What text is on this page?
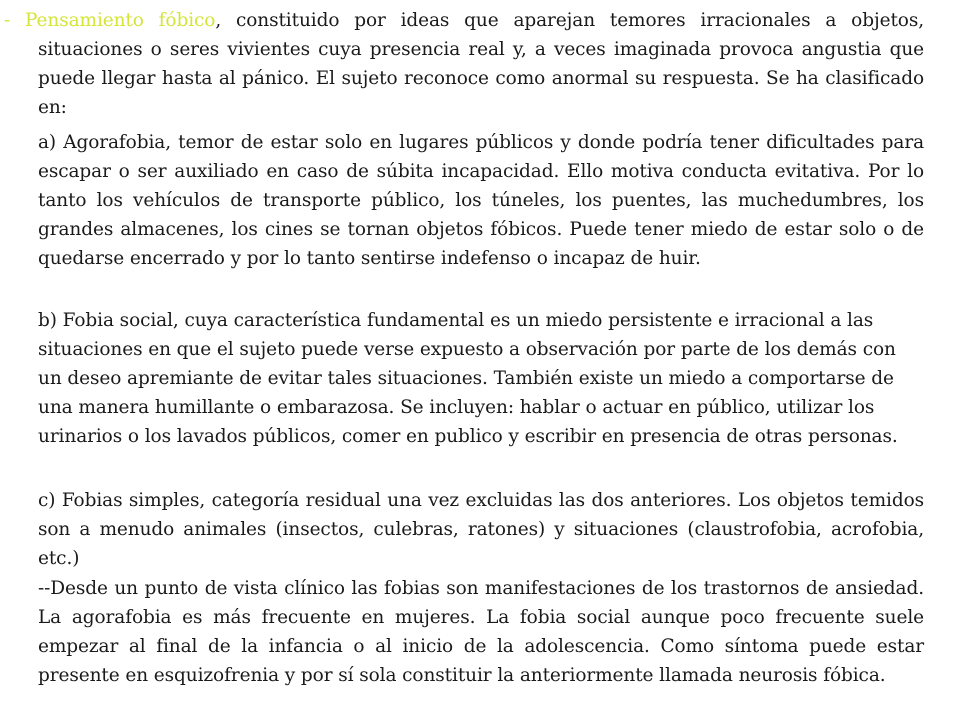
- Pensamiento fóbico, constituido por ideas que aparejan temores irracionales a objetos, situaciones o seres vivientes cuya presencia real y, a veces imaginada provoca angustia que puede llegar hasta al pánico. El sujeto reconoce como anormal su respuesta. Se ha clasificado en:

a) Agorafobia, temor de estar solo en lugares públicos y donde podría tener dificultades para escapar o ser auxiliado en caso de súbita incapacidad. Ello motiva conducta evitativa. Por lo tanto los vehículos de transporte público, los túneles, los puentes, las muchedumbres, los grandes almacenes, los cines se tornan objetos fóbicos. Puede tener miedo de estar solo o de quedarse encerrado y por lo tanto sentirse indefenso o incapaz de huir.

b) Fobia social, cuya característica fundamental es un miedo persistente e irracional a las situaciones en que el sujeto puede verse expuesto a observación por parte de los demás con un deseo apremiante de evitar tales situaciones. También existe un miedo a comportarse de una manera humillante o embarazosa. Se incluyen: hablar o actuar en público, utilizar los urinarios o los lavados públicos, comer en publico y escribir en presencia de otras personas.

c) Fobias simples, categoría residual una vez excluidas las dos anteriores. Los objetos temidos son a menudo animales (insectos, culebras, ratones) y situaciones (claustrofobia, acrofobia, etc.)

--Desde un punto de vista clínico las fobias son manifestaciones de los trastornos de ansiedad. La agorafobia es más frecuente en mujeres. La fobia social aunque poco frecuente suele empezar al final de la infancia o al inicio de la adolescencia. Como síntoma puede estar presente en esquizofrenia y por sí sola constituir la anteriormente llamada neurosis fóbica.
